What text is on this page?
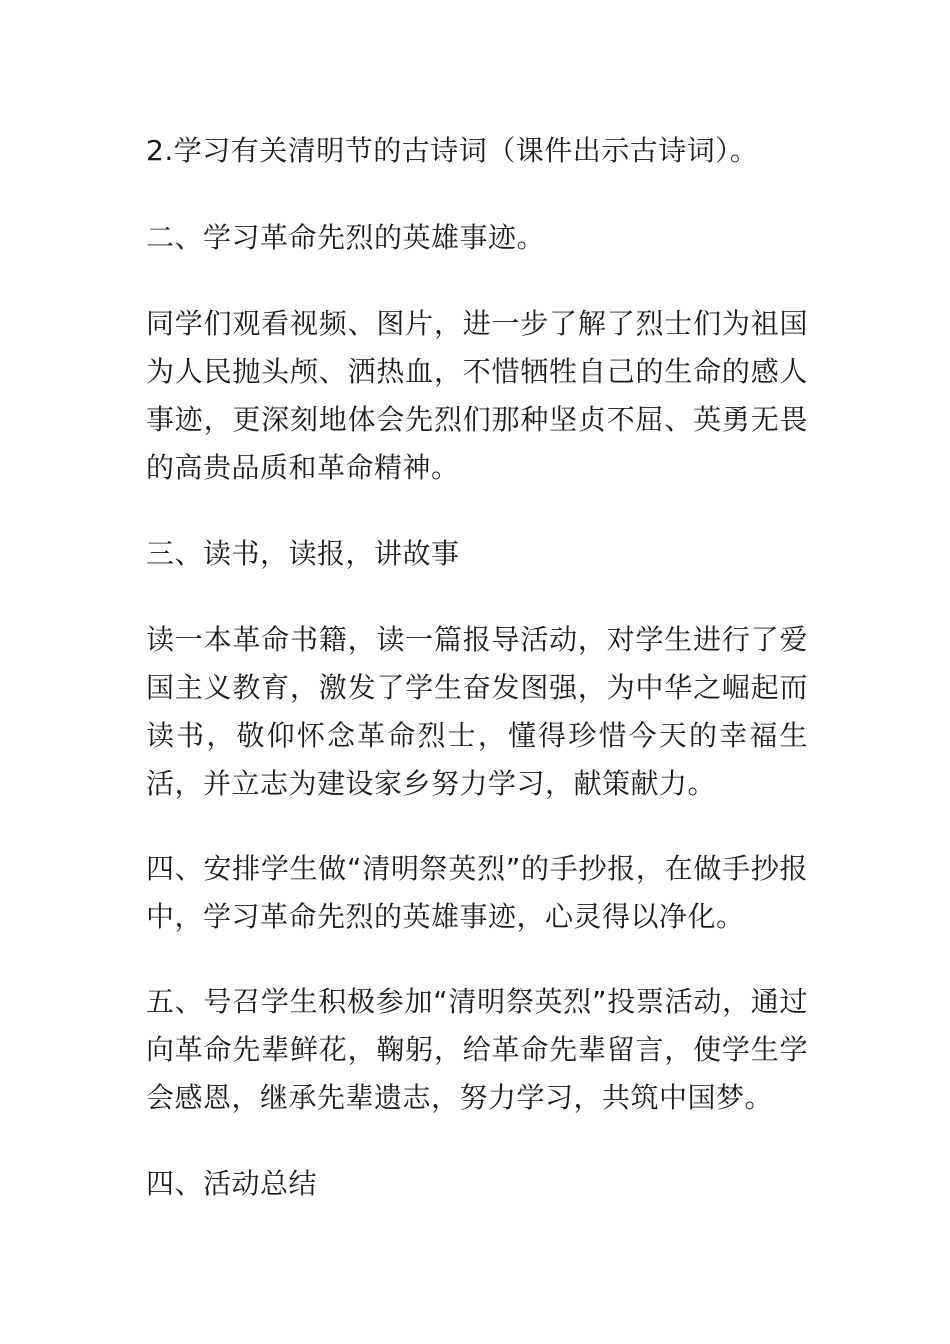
2.学习有关清明节的古诗词（课件出示古诗词）。

二、学习革命先烈的英雄事迹。

同学们观看视频、图片，进一步了解了烈士们为祖国为人民抛头颅、洒热血，不惜牺牲自己的生命的感人事迹，更深刻地体会先烈们那种坚贞不屈、英勇无畏的高贵品质和革命精神。

三、读书，读报，讲故事

读一本革命书籍，读一篇报导活动，对学生进行了爱国主义教育，激发了学生奋发图强，为中华之崛起而读书，敬仰怀念革命烈士，懂得珍惜今天的幸福生活，并立志为建设家乡努力学习，献策献力。

四、安排学生做“清明祭英烈”的手抄报，在做手抄报中，学习革命先烈的英雄事迹，心灵得以净化。

五、号召学生积极参加“清明祭英烈”投票活动，通过向革命先辈鲜花，鞠躬，给革命先辈留言，使学生学会感恩，继承先辈遗志，努力学习，共筑中国梦。

四、活动总结
